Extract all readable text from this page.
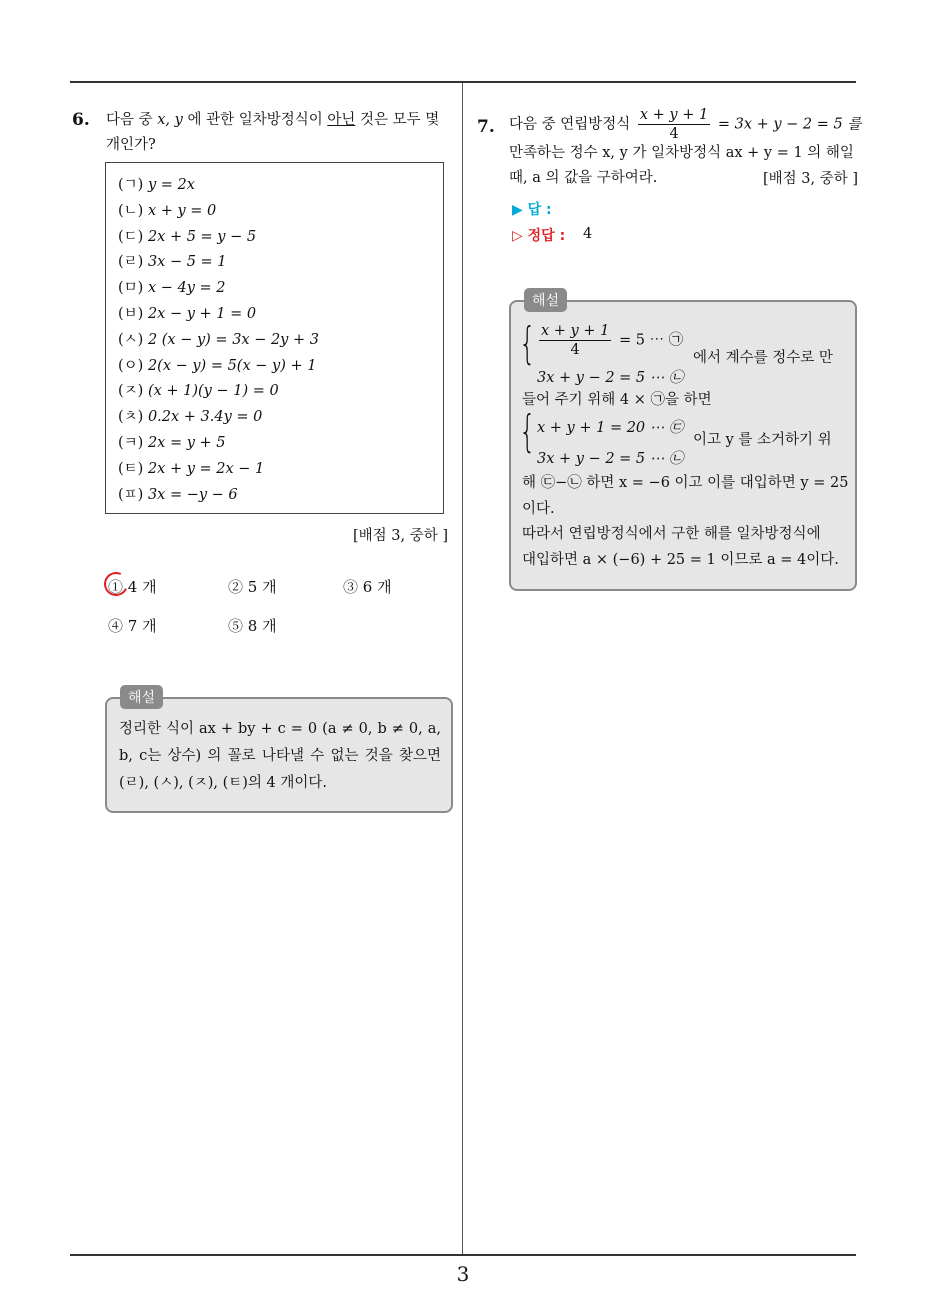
3
6. 다음 중 x, y 에 관한 일차방정식이 아닌 것은 모두 몇 개인가?
(ㄱ) y = 2x
(ㄴ) x + y = 0
(ㄷ) 2x + 5 = y − 5
(ㄹ) 3x − 5 = 1
(ㅁ) x − 4y = 2
(ㅂ) 2x − y + 1 = 0
(ㅅ) 2 (x − y) = 3x − 2y + 3
(ㅇ) 2(x − y) = 5(x − y) + 1
(ㅈ) (x + 1)(y − 1) = 0
(ㅊ) 0.2x + 3.4y = 0
(ㅋ) 2x = y + 5
(ㅌ) 2x + y = 2x − 1
(ㅍ) 3x = −y − 6
[배점 3, 중하 ]
① 4 개	② 5 개	③ 6 개
④ 7 개	⑤ 8 개
해설
정리한 식이 ax + by + c = 0 (a ≠ 0, b ≠ 0, a, b, c는 상수) 의 꼴로 나타낼 수 없는 것을 찾으면 (ㄹ), (ㅅ), (ㅈ), (ㅌ)의 4 개이다.
7. 다음 중 연립방정식 $\frac{x + y + 1}{4} = 3x + y - 2 = 5$ 를
만족하는 정수 x, y 가 일차방정식 ax + y = 1 의 해일 때, a 의 값을 구하여라.	[배점 3, 중하 ]
▶ 답 :
▷ 정답 : 4
해설
{ $\frac{x + y + 1}{4} = 5$ ⋯ ㉠
3x + y − 2 = 5 ⋯ ㉡
에서 계수를 정수로 만
들어 주기 위해 4 × ㉠을 하면
{ x + y + 1 = 20 ⋯ ㉢
3x + y − 2 = 5 ⋯ ㉡
이고 y 를 소거하기 위
해 ㉢−㉡ 하면 x = −6 이고 이를 대입하면 y = 25
이다.
따라서 연립방정식에서 구한 해를 일차방정식에
대입하면 a × (−6) + 25 = 1 이므로 a = 4이다.
